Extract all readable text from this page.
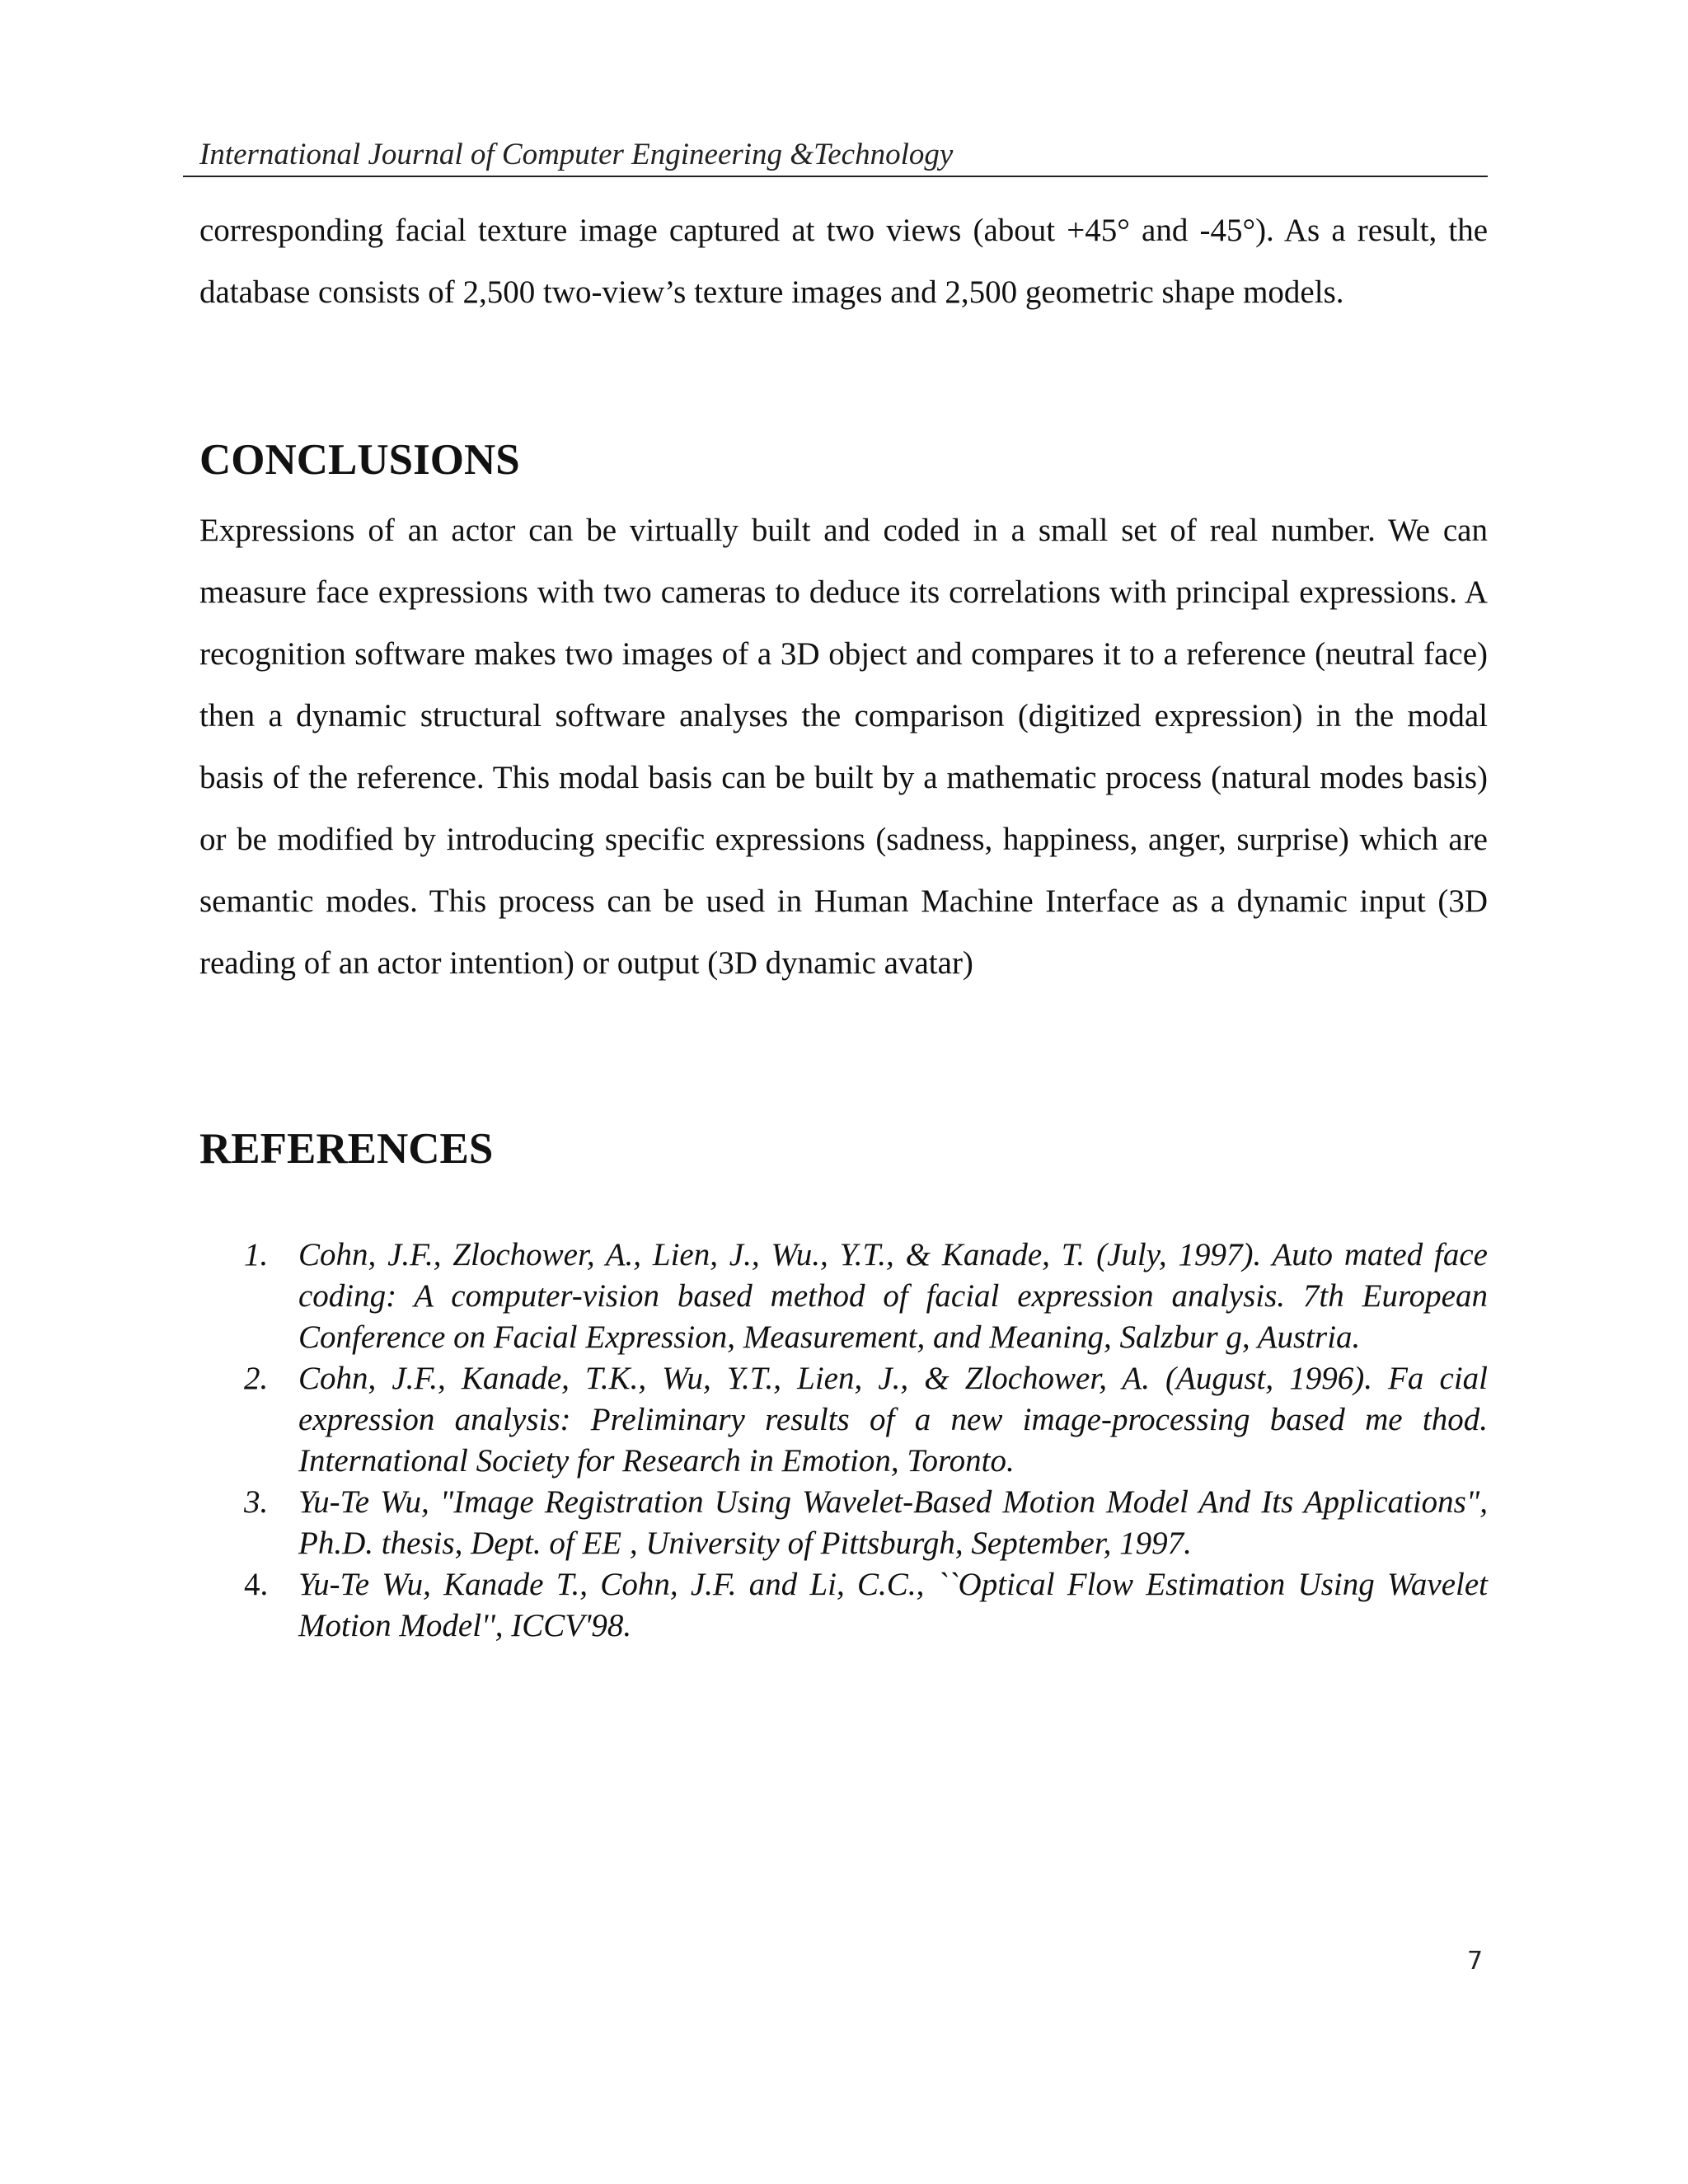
International Journal of Computer Engineering &Technology

corresponding facial texture image captured at two views (about +45° and -45°). As a result, the database consists of 2,500 two-view’s texture images and 2,500 geometric shape models.

CONCLUSIONS

Expressions of an actor can be virtually built and coded in a small set of real number. We can measure face expressions with two cameras to deduce its correlations with principal expressions. A recognition software makes two images of a 3D object and compares it to a reference (neutral face) then a dynamic structural software analyses the comparison (digitized expression) in the modal basis of the reference. This modal basis can be built by a mathematic process (natural modes basis) or be modified by introducing specific expressions (sadness, happiness, anger, surprise) which are semantic modes. This process can be used in Human Machine Interface as a dynamic input (3D reading of an actor intention) or output (3D dynamic avatar)

REFERENCES
1. Cohn, J.F., Zlochower, A., Lien, J., Wu., Y.T., & Kanade, T. (July, 1997). Auto mated face coding: A computer-vision based method of facial expression analysis. 7th European Conference on Facial Expression, Measurement, and Meaning, Salzbur g, Austria.
2. Cohn, J.F., Kanade, T.K., Wu, Y.T., Lien, J., & Zlochower, A. (August, 1996). Fa cial expression analysis: Preliminary results of a new image-processing based me thod. International Society for Research in Emotion, Toronto.
3. Yu-Te Wu, "Image Registration Using Wavelet-Based Motion Model And Its Applications", Ph.D. thesis, Dept. of EE , University of Pittsburgh, September, 1997.
4. Yu-Te Wu, Kanade T., Cohn, J.F. and Li, C.C., ``Optical Flow Estimation Using Wavelet Motion Model'', ICCV'98.
7
